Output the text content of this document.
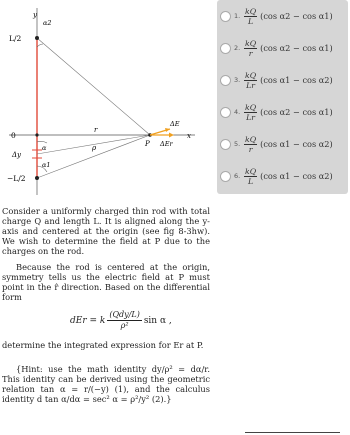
y
x
L/2
−L/2
0
α2
α
α1
Δy
r
ρ	P
ΔE
ΔEr

Consider a uniformly charged thin rod with total charge Q and length L. It is aligned along the y-axis and centered at the origin (see fig 8-3hw). We wish to determine the field at P due to the charges on the rod.

Because the rod is centered at the origin, symmetry tells us the electric field at P must point in the r̂ direction. Based on the differential form

dEr = k $\frac{\text{(Qdy/L)}}{\text{ρ²}}$ sin α ,

determine the integrated expression for Er at P.

{Hint: use the math identity dy/ρ² = dα/r. This identity can be derived using the geometric relation tan α = r/(−y) (1), and the calculus identity d tan α/dα = sec² α = ρ²/y² (2).}

1. $\frac{kQ}{L} (\cos$ α2 − cos α1)
2. $\frac{kQ}{r} (\cos$ α2 − cos α1)
3. $\frac{kQ}{Lr} (\cos$ α1 − cos α2)
4. $\frac{kQ}{Lr} (\cos$ α2 − cos α1)
5. $\frac{kQ}{r} (\cos$ α1 − cos α2)
6. $\frac{kQ}{L} (\cos$ α1 − cos α2)
